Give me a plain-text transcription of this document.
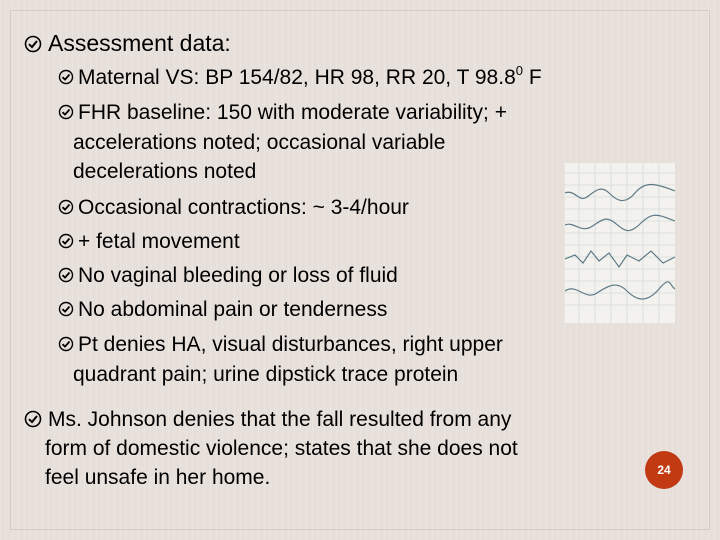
Assessment data:
Maternal VS: BP 154/82, HR 98, RR 20, T 98.8$^0$ F
FHR baseline: 150 with moderate variability; +
accelerations noted; occasional variable
decelerations noted
Occasional contractions: ~ 3-4/hour
+ fetal movement
No vaginal bleeding or loss of fluid
No abdominal pain or tenderness
Pt denies HA, visual disturbances, right upper
quadrant pain; urine dipstick trace protein
Ms. Johnson denies that the fall resulted from any
form of domestic violence; states that she does not
feel unsafe in her home.	24
